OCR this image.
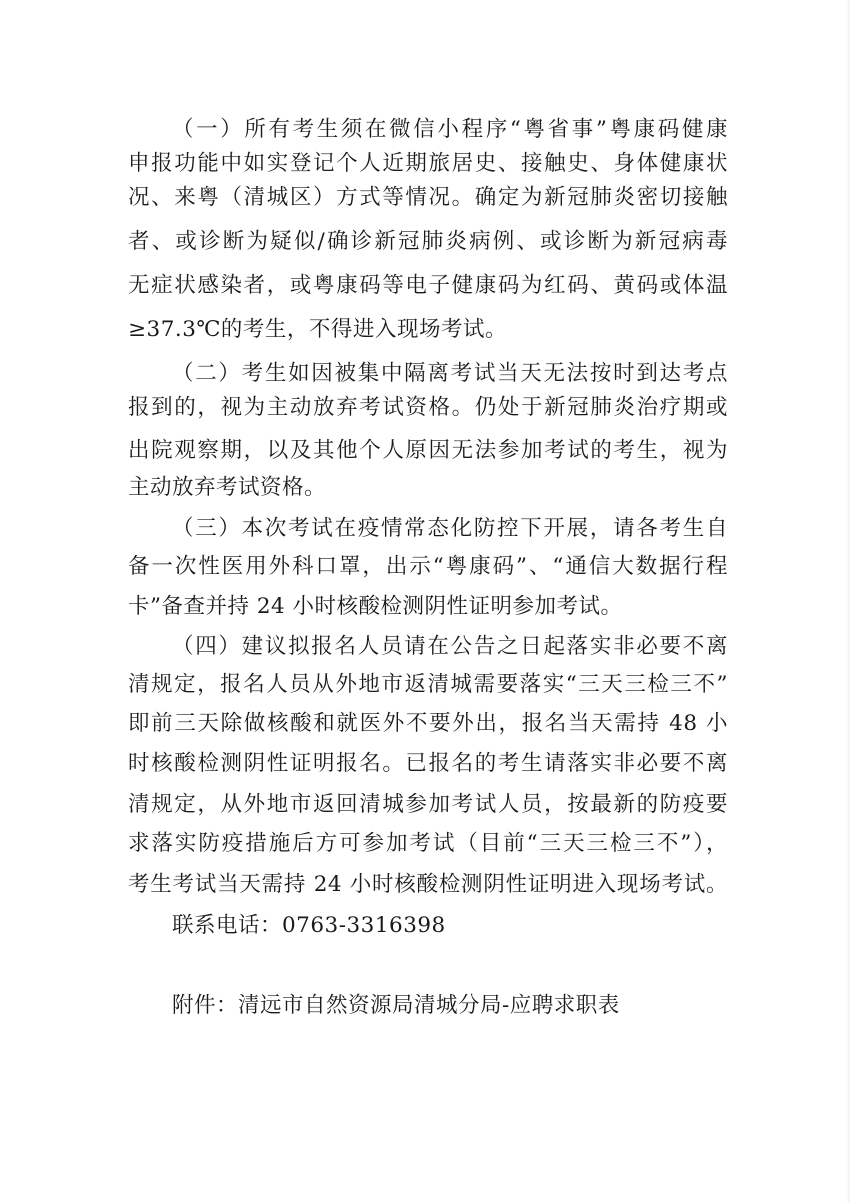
（一）所有考生须在微信小程序“粤省事”粤康码健康
申报功能中如实登记个人近期旅居史、接触史、身体健康状
况、来粤（清城区）方式等情况。确定为新冠肺炎密切接触
者、或诊断为疑似/确诊新冠肺炎病例、或诊断为新冠病毒
无症状感染者，或粤康码等电子健康码为红码、黄码或体温
≥37.3℃的考生，不得进入现场考试。
（二）考生如因被集中隔离考试当天无法按时到达考点
报到的，视为主动放弃考试资格。仍处于新冠肺炎治疗期或
出院观察期，以及其他个人原因无法参加考试的考生，视为
主动放弃考试资格。
（三）本次考试在疫情常态化防控下开展，请各考生自
备一次性医用外科口罩，出示“粤康码”、“通信大数据行程
卡”备查并持 24 小时核酸检测阴性证明参加考试。
（四）建议拟报名人员请在公告之日起落实非必要不离
清规定，报名人员从外地市返清城需要落实“三天三检三不”
即前三天除做核酸和就医外不要外出，报名当天需持 48 小
时核酸检测阴性证明报名。已报名的考生请落实非必要不离
清规定，从外地市返回清城参加考试人员，按最新的防疫要
求落实防疫措施后方可参加考试（目前“三天三检三不”），
考生考试当天需持 24 小时核酸检测阴性证明进入现场考试。
联系电话：0763-3316398
附件：清远市自然资源局清城分局-应聘求职表
